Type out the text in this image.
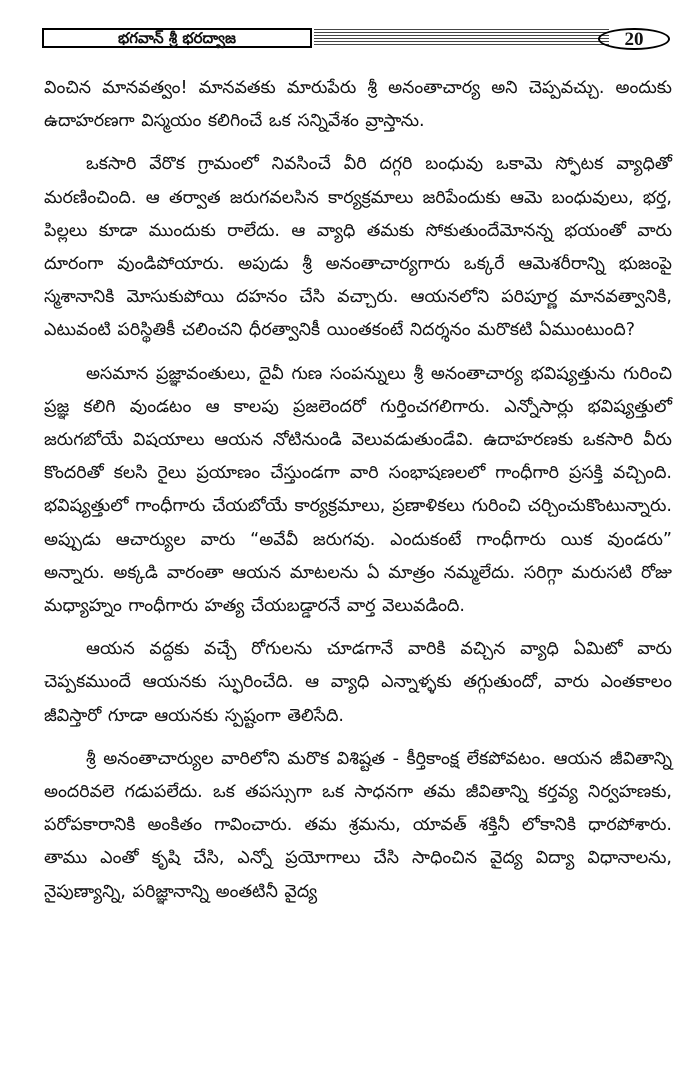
భగవాన్ శ్రీ భరద్వాజ	20

వించిన మానవత్వం! మానవతకు మారుపేరు శ్రీ అనంతాచార్య అని చెప్పవచ్చు. అందుకు ఉదాహరణగా విస్మయం కలిగించే ఒక సన్నివేశం వ్రాస్తాను.

ఒకసారి వేరొక గ్రామంలో నివసించే వీరి దగ్గరి బంధువు ఒకామె స్ఫోటక వ్యాధితో మరణించింది. ఆ తర్వాత జరుగవలసిన కార్యక్రమాలు జరిపేందుకు ఆమె బంధువులు, భర్త, పిల్లలు కూడా ముందుకు రాలేదు. ఆ వ్యాధి తమకు సోకుతుందేమోనన్న భయంతో వారు దూరంగా వుండిపోయారు. అపుడు శ్రీ అనంతాచార్యగారు ఒక్కరే ఆమెశరీరాన్ని భుజంపై స్మశానానికి మోసుకుపోయి దహనం చేసి వచ్చారు. ఆయనలోని పరిపూర్ణ మానవత్వానికి, ఎటువంటి పరిస్థితికీ చలించని ధీరత్వానికీ యింతకంటే నిదర్శనం మరొకటి ఏముంటుంది?

అసమాన ప్రజ్ఞావంతులు, దైవీ గుణ సంపన్నులు శ్రీ అనంతాచార్య భవిష్యత్తును గురించి ప్రజ్ఞ కలిగి వుండటం ఆ కాలపు ప్రజలెందరో గుర్తించగలిగారు. ఎన్నోసార్లు భవిష్యత్తులో జరుగబోయే విషయాలు ఆయన నోటినుండి వెలువడుతుండేవి. ఉదాహరణకు ఒకసారి వీరు కొందరితో కలసి రైలు ప్రయాణం చేస్తుండగా వారి సంభాషణలలో గాంధీగారి ప్రసక్తి వచ్చింది. భవిష్యత్తులో గాంధీగారు చేయబోయే కార్యక్రమాలు, ప్రణాళికలు గురించి చర్చించుకొంటున్నారు. అప్పుడు ఆచార్యుల వారు “అవేవీ జరుగవు. ఎందుకంటే గాంధీగారు యిక వుండరు” అన్నారు. అక్కడి వారంతా ఆయన మాటలను ఏ మాత్రం నమ్మలేదు. సరిగ్గా మరుసటి రోజు మధ్యాహ్నం గాంధీగారు హత్య చేయబడ్డారనే వార్త వెలువడింది.

ఆయన వద్దకు వచ్చే రోగులను చూడగానే వారికి వచ్చిన వ్యాధి ఏమిటో వారు చెప్పకముందే ఆయనకు స్ఫురించేది. ఆ వ్యాధి ఎన్నాళ్ళకు తగ్గుతుందో, వారు ఎంతకాలం జీవిస్తారో గూడా ఆయనకు స్పష్టంగా తెలిసేది.

శ్రీ అనంతాచార్యుల వారిలోని మరొక విశిష్టత - కీర్తికాంక్ష లేకపోవటం. ఆయన జీవితాన్ని అందరివలె గడుపలేదు. ఒక తపస్సుగా ఒక సాధనగా తమ జీవితాన్ని కర్తవ్య నిర్వహణకు, పరోపకారానికి అంకితం గావించారు. తమ శ్రమను, యావత్ శక్తినీ లోకానికి ధారపోశారు. తాము ఎంతో కృషి చేసి, ఎన్నో ప్రయోగాలు చేసి సాధించిన వైద్య విద్యా విధానాలను, నైపుణ్యాన్ని, పరిజ్ఞానాన్ని అంతటినీ వైద్య
